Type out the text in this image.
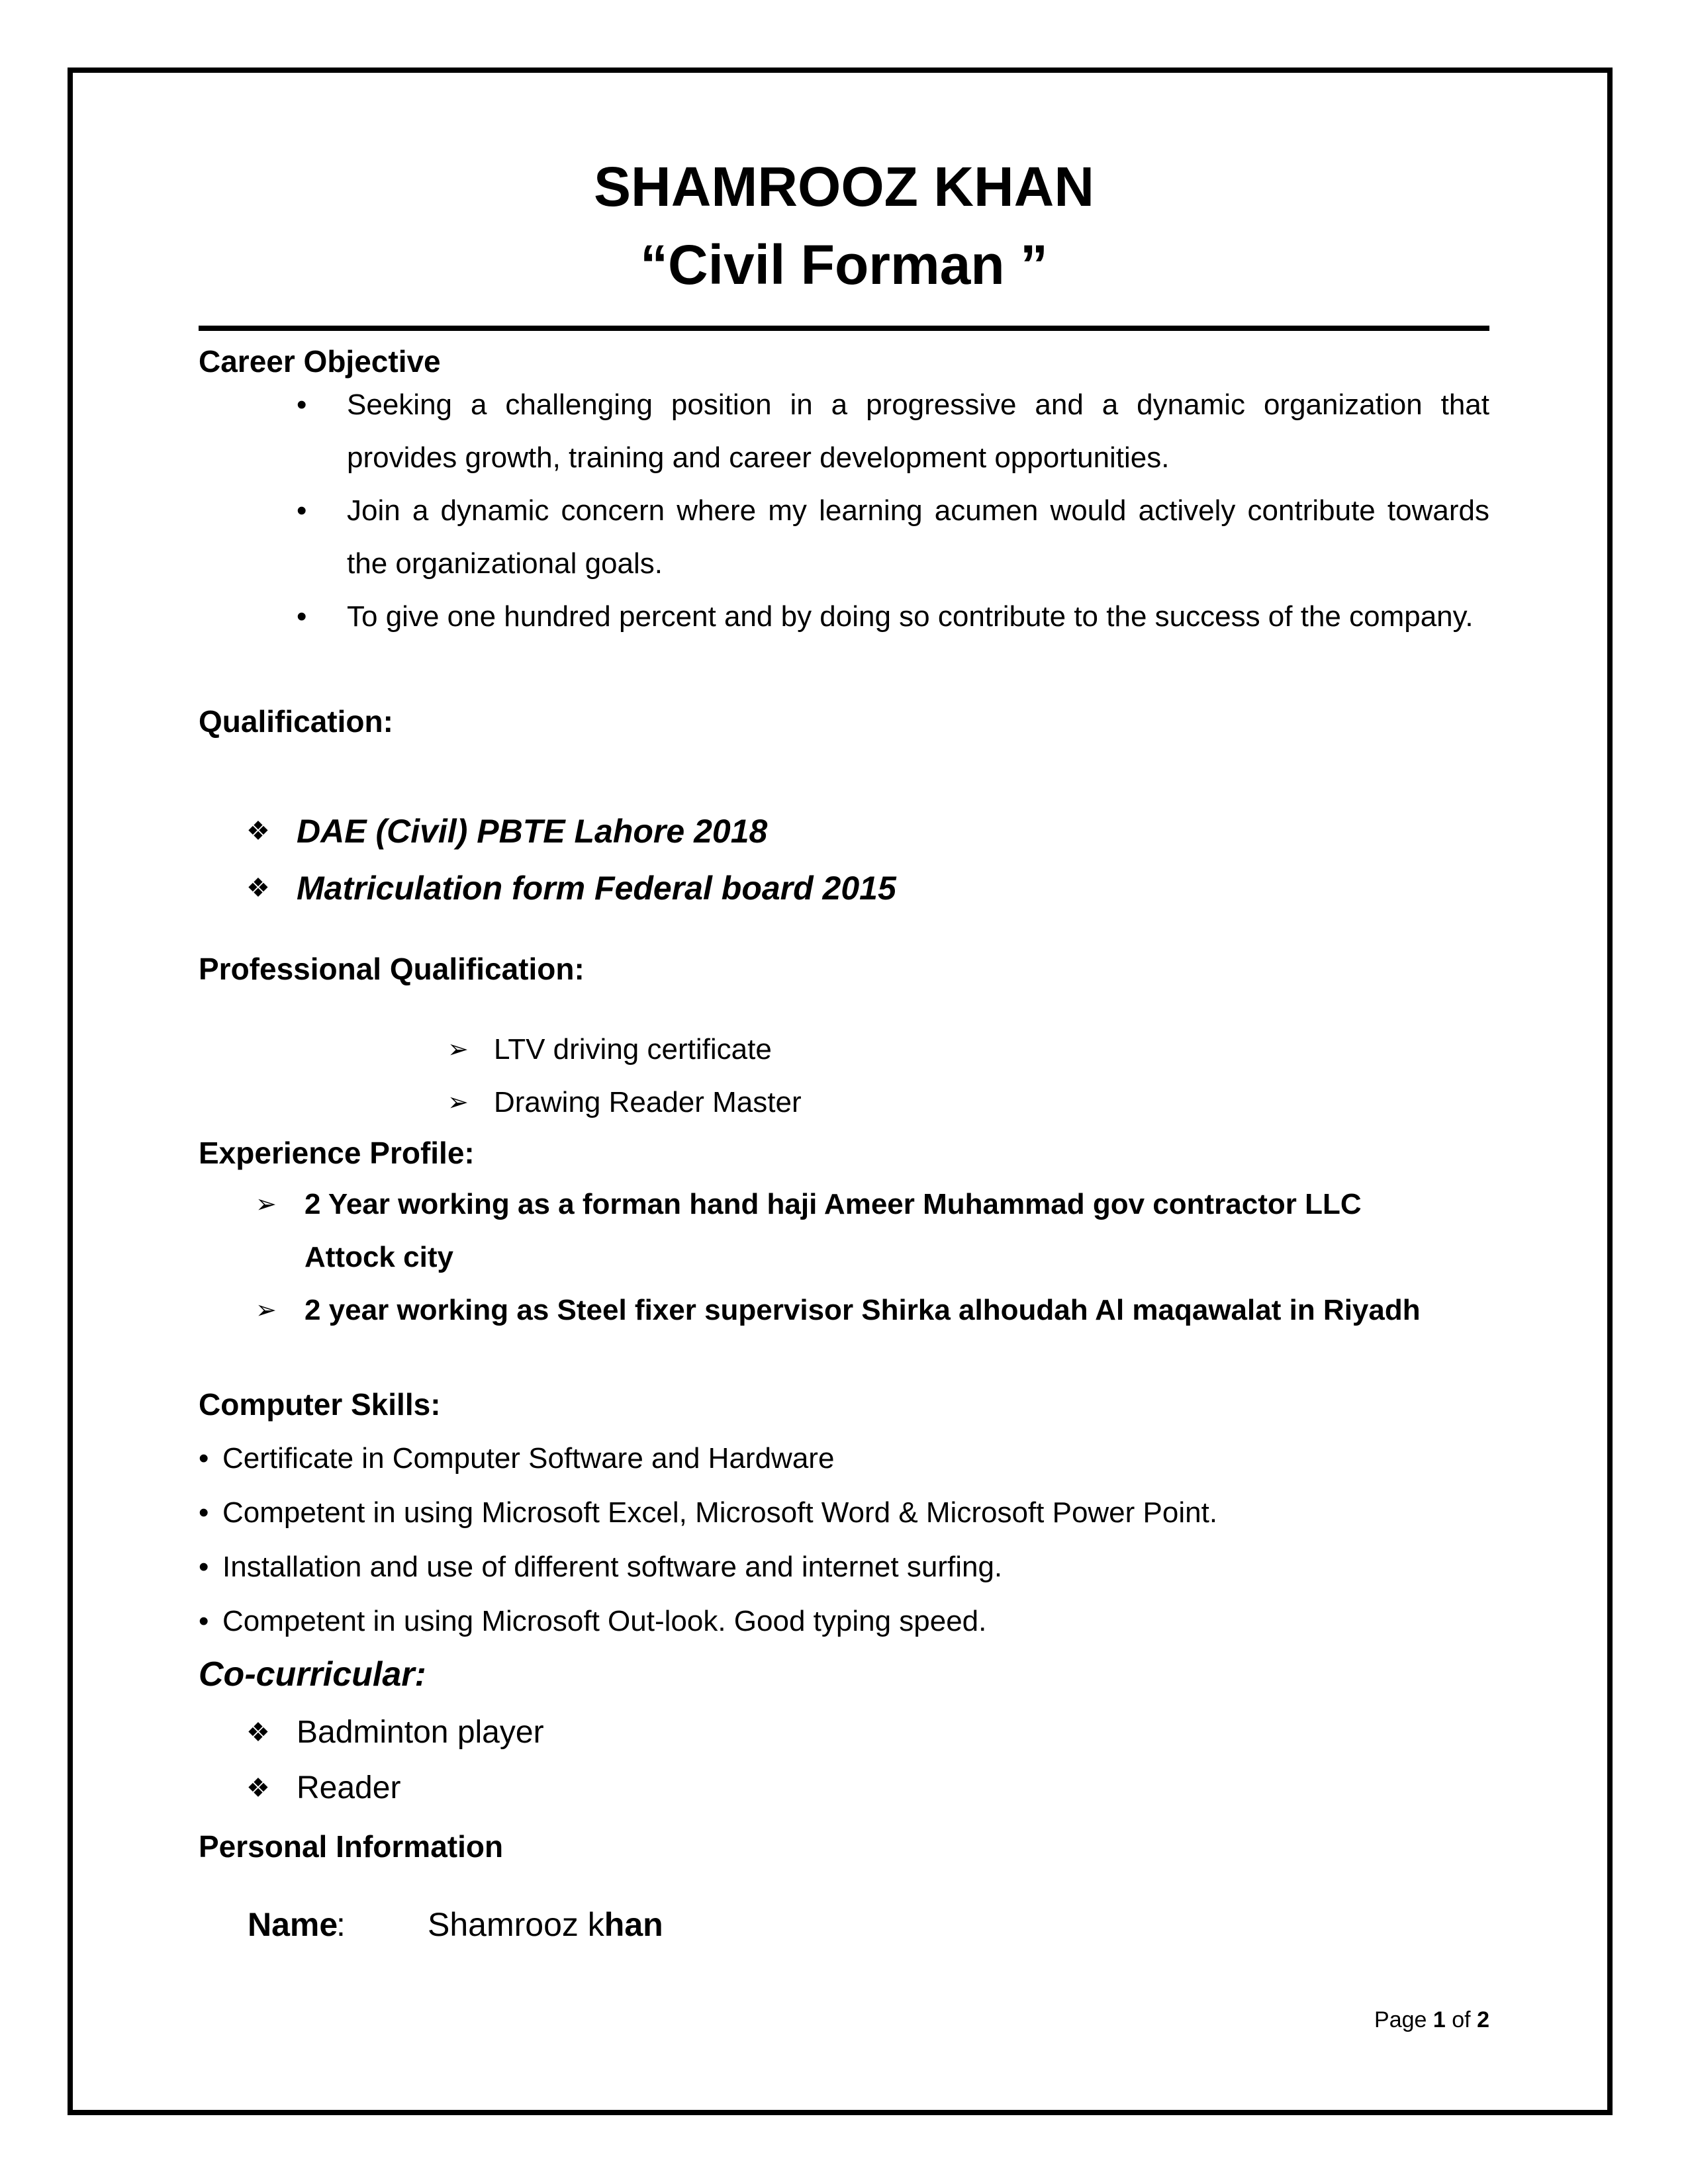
SHAMROOZ KHAN
“Civil Forman ”
Career Objective
• Seeking a challenging position in a progressive and a dynamic organization that provides growth, training and career development opportunities.
• Join a dynamic concern where my learning acumen would actively contribute towards the organizational goals.
• To give one hundred percent and by doing so contribute to the success of the company.
Qualification:
❖ DAE (Civil) PBTE Lahore 2018
❖ Matriculation form Federal board 2015
Professional Qualification:
➢ LTV driving certificate
➢ Drawing Reader Master
Experience Profile:
➢ 2 Year working as a forman hand haji Ameer Muhammad gov contractor LLC
Attock city
➢ 2 year working as Steel fixer supervisor Shirka alhoudah Al maqawalat in Riyadh
Computer Skills:
• Certificate in Computer Software and Hardware
• Competent in using Microsoft Excel, Microsoft Word & Microsoft Power Point.
• Installation and use of different software and internet surfing.
• Competent in using Microsoft Out-look. Good typing speed.
Co-curricular:
❖ Badminton player
❖ Reader
Personal Information
Name
: Shamrooz khan
Page 1 of 2
